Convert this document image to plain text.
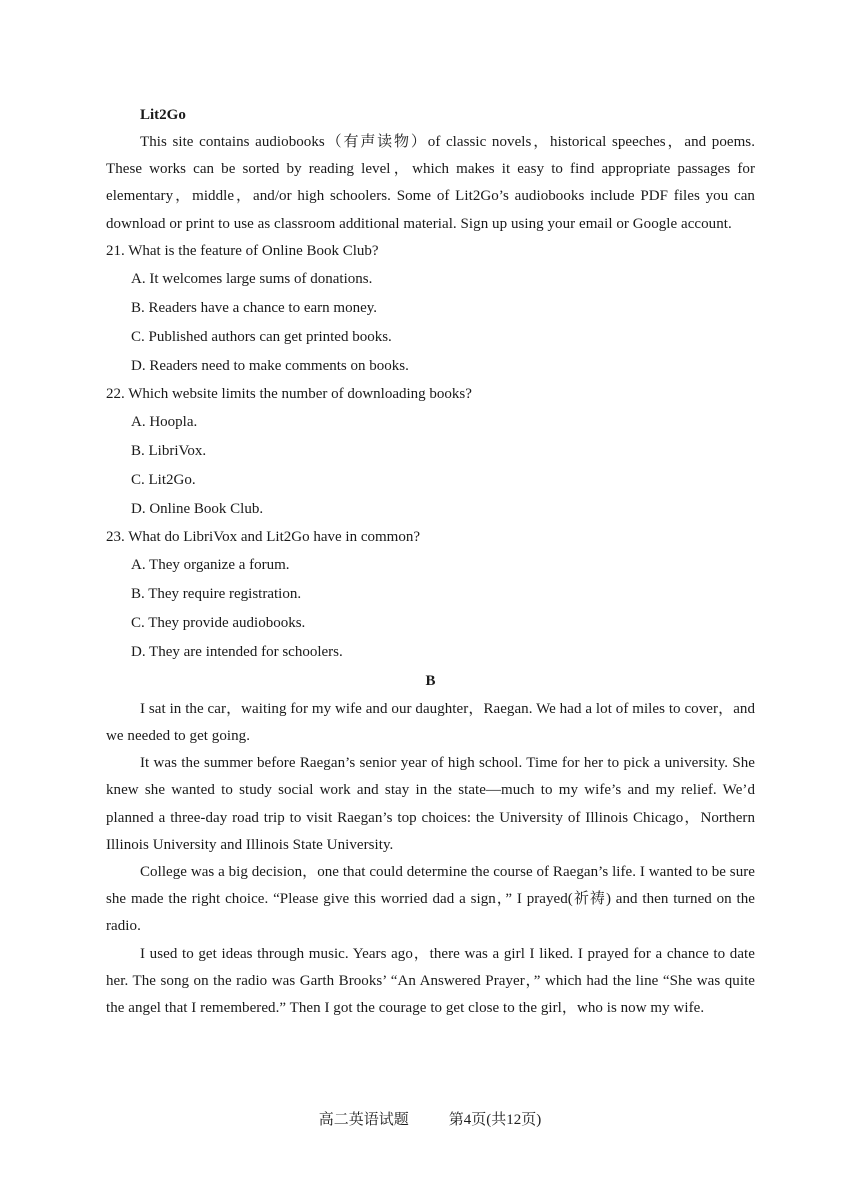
Lit2Go

This site contains audiobooks（有声读物）of classic novels，historical speeches，and poems. These works can be sorted by reading level，which makes it easy to find appropriate passages for elementary，middle，and/or high schoolers. Some of Lit2Go’s audiobooks include PDF files you can download or print to use as classroom additional material. Sign up using your email or Google account.

21. What is the feature of Online Book Club?

A. It welcomes large sums of donations.
B. Readers have a chance to earn money.
C. Published authors can get printed books.
D. Readers need to make comments on books.

22. Which website limits the number of downloading books?

A. Hoopla.
B. LibriVox.
C. Lit2Go.
D. Online Book Club.

23. What do LibriVox and Lit2Go have in common?

A. They organize a forum.
B. They require registration.
C. They provide audiobooks.
D. They are intended for schoolers.

B

I sat in the car，waiting for my wife and our daughter，Raegan. We had a lot of miles to cover，and we needed to get going.

It was the summer before Raegan’s senior year of high school. Time for her to pick a university. She knew she wanted to study social work and stay in the state—much to my wife’s and my relief. We’d planned a three-day road trip to visit Raegan’s top choices: the University of Illinois Chicago，Northern Illinois University and Illinois State University.

College was a big decision，one that could determine the course of Raegan’s life. I wanted to be sure she made the right choice. “Please give this worried dad a sign，” I prayed(祈祷) and then turned on the radio.

I used to get ideas through music. Years ago，there was a girl I liked. I prayed for a chance to date her. The song on the radio was Garth Brooks’ “An Answered Prayer，” which had the line “She was quite the angel that I remembered.” Then I got the courage to get close to the girl，who is now my wife.

高二英语试题	第4页(共12页)
